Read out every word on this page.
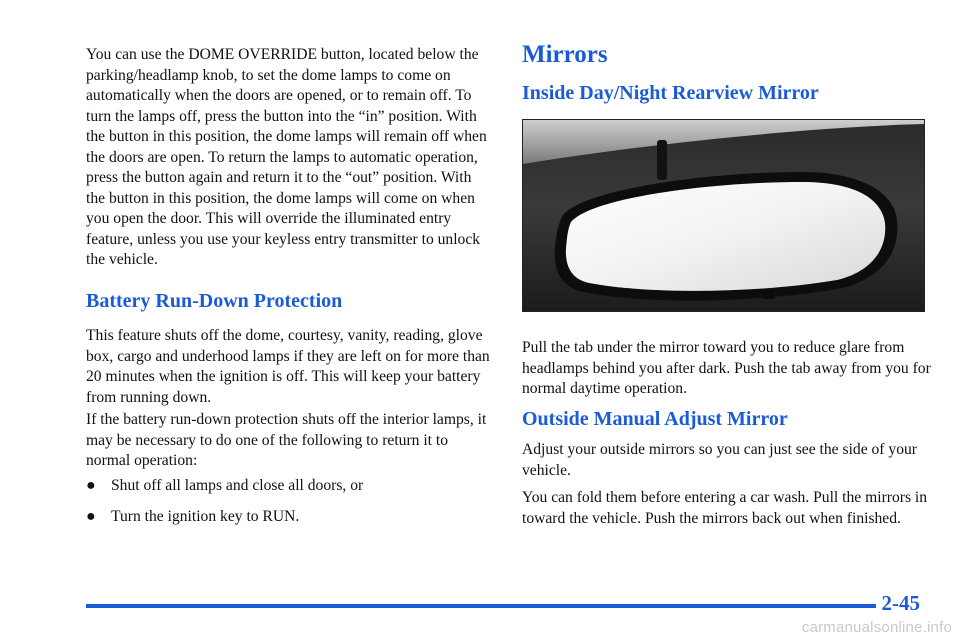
You can use the DOME OVERRIDE button, located below the parking/headlamp knob, to set the dome lamps to come on automatically when the doors are opened, or to remain off. To turn the lamps off, press the button into the “in” position. With the button in this position, the dome lamps will remain off when the doors are open. To return the lamps to automatic operation, press the button again and return it to the “out” position. With the button in this position, the dome lamps will come on when you open the door. This will override the illuminated entry feature, unless you use your keyless entry transmitter to unlock the vehicle.

Battery Run-Down Protection

This feature shuts off the dome, courtesy, vanity, reading, glove box, cargo and underhood lamps if they are left on for more than 20 minutes when the ignition is off. This will keep your battery from running down.

If the battery run-down protection shuts off the interior lamps, it may be necessary to do one of the following to return it to normal operation:

● Shut off all lamps and close all doors, or
● Turn the ignition key to RUN.
Mirrors
Inside Day/Night Rearview Mirror

Pull the tab under the mirror toward you to reduce glare from headlamps behind you after dark. Push the tab away from you for normal daytime operation.

Outside Manual Adjust Mirror

Adjust your outside mirrors so you can just see the side of your vehicle.

You can fold them before entering a car wash. Pull the mirrors in toward the vehicle. Push the mirrors back out when finished.

2-45
carmanualsonline.info
